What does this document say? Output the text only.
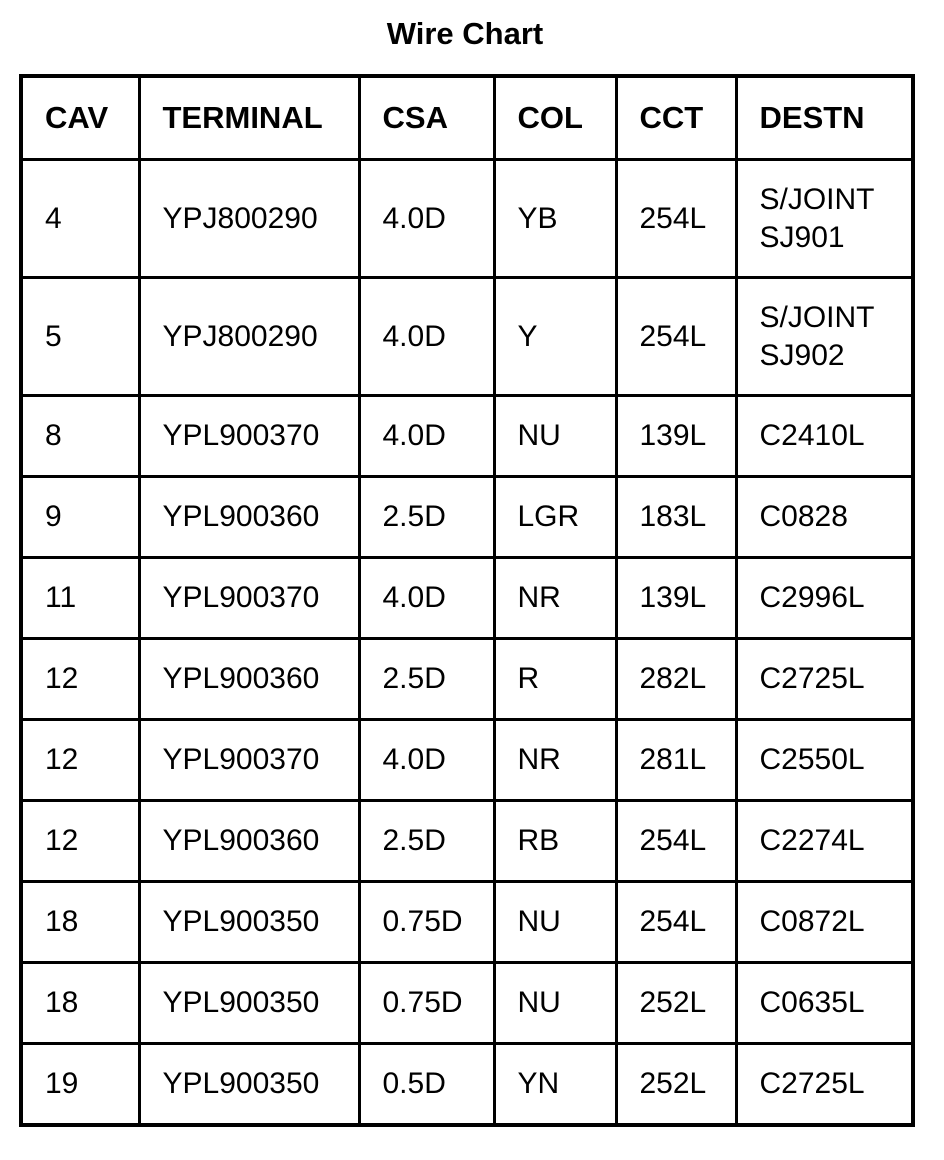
Wire Chart
CAV	TERMINAL	CSA	COL	CCT	DESTN
4	YPJ800290	4.0D	YB	254L	S/JOINT
SJ901

5	YPJ800290	4.0D	Y	254L	S/JOINT
SJ902

8	YPL900370	4.0D	NU	139L	C2410L

9	YPL900360	2.5D	LGR	183L	C0828

11	YPL900370	4.0D	NR	139L	C2996L

12	YPL900360	2.5D	R	282L	C2725L

12	YPL900370	4.0D	NR	281L	C2550L

12	YPL900360	2.5D	RB	254L	C2274L

18	YPL900350	0.75D	NU	254L	C0872L

18	YPL900350	0.75D	NU	252L	C0635L

19	YPL900350	0.5D	YN	252L	C2725L
